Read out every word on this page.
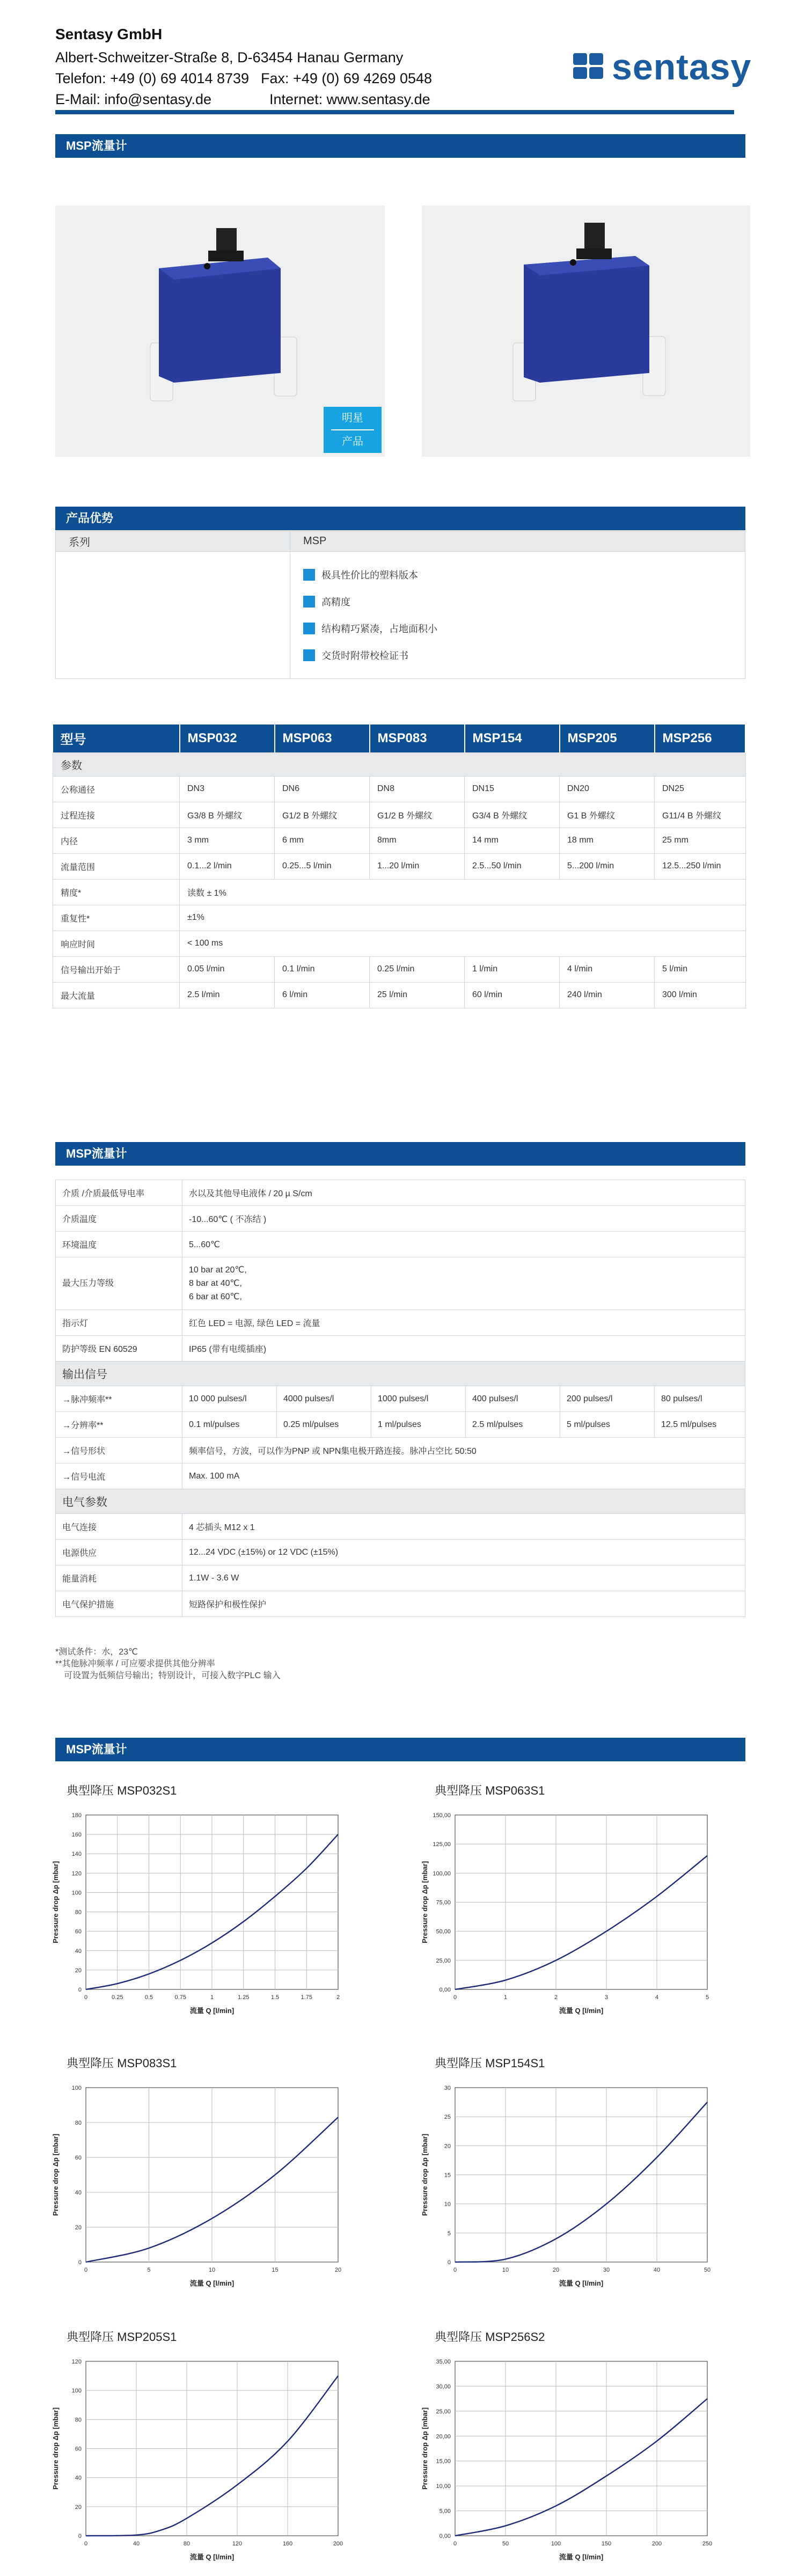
Sentasy GmbH
Albert-Schweitzer-Straße 8, D-63454 Hanau Germany
Telefon: +49 (0) 69 4014 8739 Fax: +49 (0) 69 4269 0548
E-Mail: info@sentasy.de	Internet: www.sentasy.de
sentasy
MSP流量计
明星
产品
产品优势
系列	MSP

	极具性价比的塑料版本
高精度
结构精巧紧凑，占地面积小
交货时附带校检证书
型号	MSP032	MSP063	MSP083	MSP154	MSP205	MSP256
参数						
公称通径	DN3	DN6	DN8	DN15	DN20	DN25
过程连接	G3/8 B 外螺纹	G1/2 B 外螺纹	G1/2 B 外螺纹	G3/4 B 外螺纹	G1 B 外螺纹	G11/4 B 外螺纹
内径	3 mm	6 mm	8mm	14 mm	18 mm	25 mm
流量范围	0.1...2 l/min	0.25...5 l/min	1...20 l/min	2.5...50 l/min	5...200 l/min	12.5...250 l/min
精度*	读数 ± 1%					
重复性*	±1%					
响应时间	< 100 ms					
信号输出开始于	0.05 l/min	0.1 l/min	0.25 l/min	1 l/min	4 l/min	5 l/min
最大流量	2.5 l/min	6 l/min	25 l/min	60 l/min	240 l/min	300 l/min
MSP流量计
介质 /介质最低导电率	水以及其他导电液体 / 20 µ S/cm					
介质温度	-10...60℃ ( 不冻结 )					
环境温度	5...60℃					
最大压力等级	10 bar at 20℃,
8 bar at 40℃,
6 bar at 60℃,					

指示灯	红色 LED = 电源, 绿色 LED = 流量					
防护等级 EN 60529	IP65 (带有电缆插座)					
输出信号						
→脉冲频率**	10 000 pulses/l	4000 pulses/l	1000 pulses/l	400 pulses/l	200 pulses/l	80 pulses/l
→分辨率**	0.1 ml/pulses	0.25 ml/pulses	1 ml/pulses	2.5 ml/pulses	5 ml/pulses	12.5 ml/pulses
→信号形状	频率信号，方波，可以作为PNP 或 NPN集电极开路连接。脉冲占空比 50:50					
→信号电流	Max. 100 mA					
电气参数						
电气连接	4 芯插头 M12 x 1					
电源供应	12...24 VDC (±15%) or 12 VDC (±15%)					
能量消耗	1.1W - 3.6 W					
电气保护措施	短路保护和极性保护					
*测试条件：水，23℃
**其他脉冲频率 / 可应要求提供其他分辨率
可设置为低频信号输出；特别设计，可接入数字PLC 输入
MSP流量计
典型降压 MSP032S1	典型降压 MSP063S1
典型降压 MSP083S1	典型降压 MSP154S1
典型降压 MSP205S1	典型降压 MSP256S2
0	0.25	0.5	0.75	1	1.25	1.5	1.75	2
0
20
40
60
80
100
120
140
160
180
流量 Q [l/min]
Pressure drop Δp [mbar]
0	1	2	3	4	5
0,00
25,00
50,00
75,00
100,00
125,00
150,00
流量 Q [l/min]
Pressure drop Δp [mbar]
0	5	10	15	20
0
20
40
60
80
100
流量 Q [l/min]
Pressure drop Δp [mbar]
0	10	20	30	40	50
0
5
10
15
20
25
30
流量 Q [l/min]
Pressure drop Δp [mbar]
0	40	80	120	160	200
0
20
40
60
80
100
120
流量 Q [l/min]
Pressure drop Δp [mbar]
0	50	100	150	200	250
0,00
5,00
10,00
15,00
20,00
25,00
30,00
35,00
流量 Q [l/min]
Pressure drop Δp [mbar]
